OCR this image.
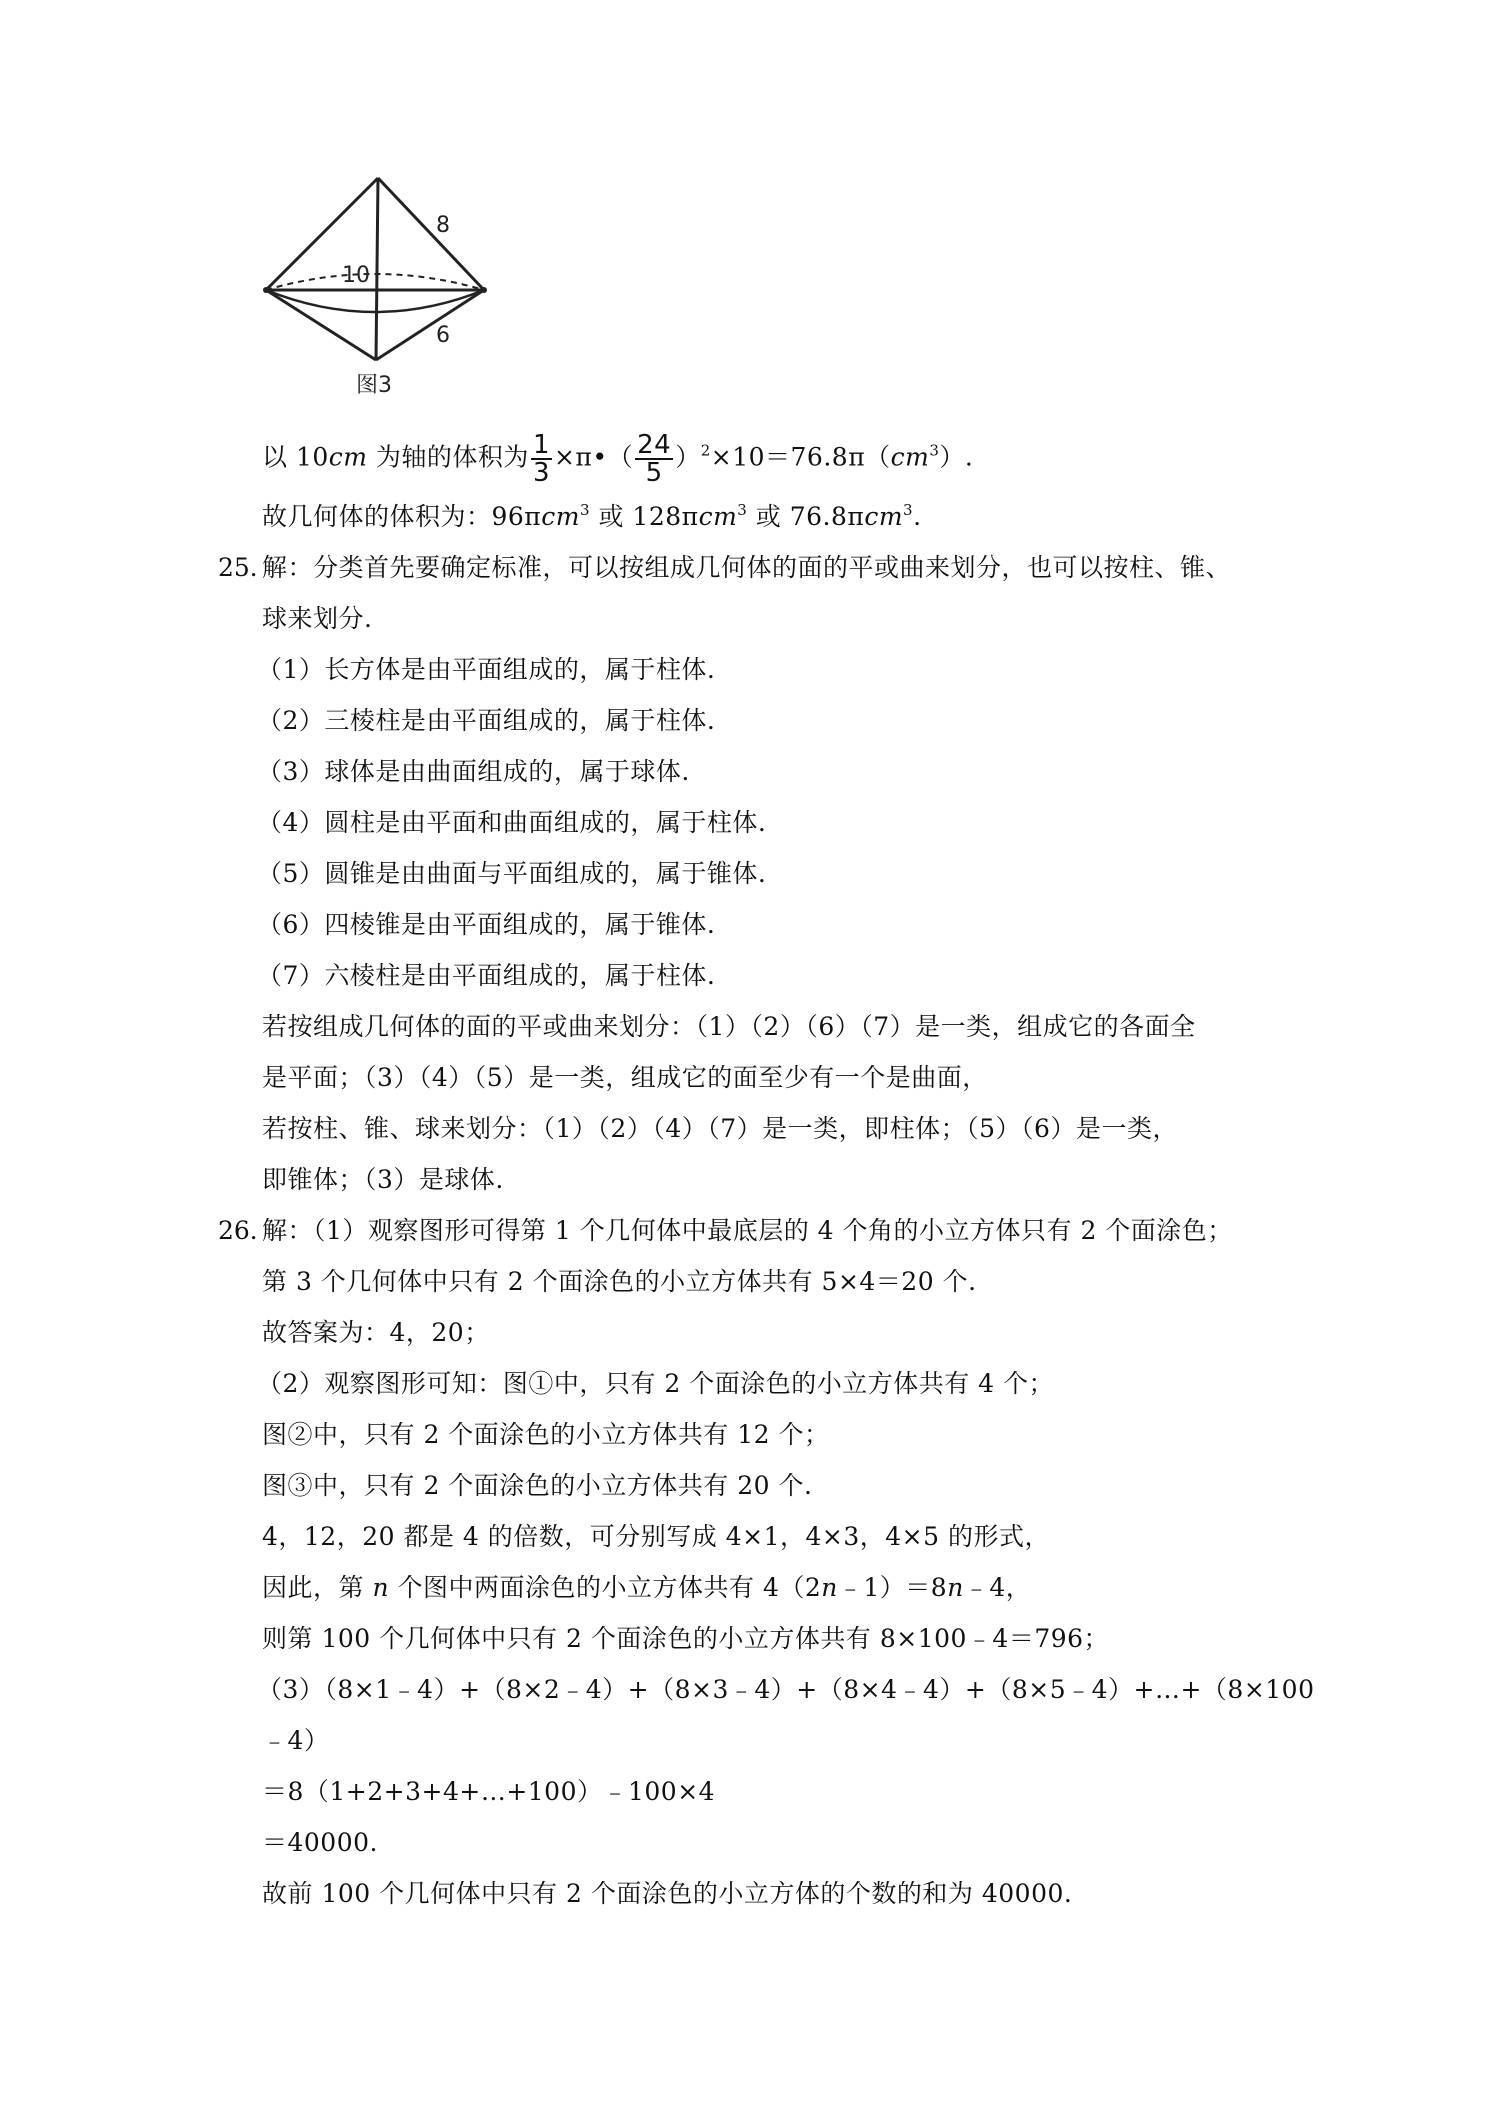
8
10
6
图3
以 10cm 为轴的体积为 $\frac{1}{3}$ ×π•（ $\frac{24}{5} )^2\times 10=76.8\pi(cm^3)$.
故几何体的体积为：96πcm$^3$ 或 128πcm$^3$ 或 76.8πcm$^3$.
25．
解：分类首先要确定标准，可以按组成几何体的面的平或曲来划分，也可以按柱、锥、
球来划分.
（1）长方体是由平面组成的，属于柱体.
（2）三棱柱是由平面组成的，属于柱体.
（3）球体是由曲面组成的，属于球体.
（4）圆柱是由平面和曲面组成的，属于柱体.
（5）圆锥是由曲面与平面组成的，属于锥体.
（6）四棱锥是由平面组成的，属于锥体.
（7）六棱柱是由平面组成的，属于柱体.
若按组成几何体的面的平或曲来划分：（1）（2）（6）（7）是一类，组成它的各面全
是平面；（3）（4）（5）是一类，组成它的面至少有一个是曲面，
若按柱、锥、球来划分：（1）（2）（4）（7）是一类，即柱体；（5）（6）是一类，
即锥体；（3）是球体.
26．
解：（1）观察图形可得第 1 个几何体中最底层的 4 个角的小立方体只有 2 个面涂色；
第 3 个几何体中只有 2 个面涂色的小立方体共有 5×4＝20 个.
故答案为：4，20；
（2）观察图形可知：图①中，只有 2 个面涂色的小立方体共有 4 个；
图②中，只有 2 个面涂色的小立方体共有 12 个；
图③中，只有 2 个面涂色的小立方体共有 20 个.
4，12，20 都是 4 的倍数，可分别写成 4×1，4×3，4×5 的形式，
因此，第 n 个图中两面涂色的小立方体共有 4（2n﹣1）＝8n﹣4，
则第 100 个几何体中只有 2 个面涂色的小立方体共有 8×100﹣4＝796；
（3）（8×1﹣4）+（8×2﹣4）+（8×3﹣4）+（8×4﹣4）+（8×5﹣4）+…+（8×100
﹣4）
＝8（1+2+3+4+…+100）﹣100×4
＝40000.
故前 100 个几何体中只有 2 个面涂色的小立方体的个数的和为 40000.
